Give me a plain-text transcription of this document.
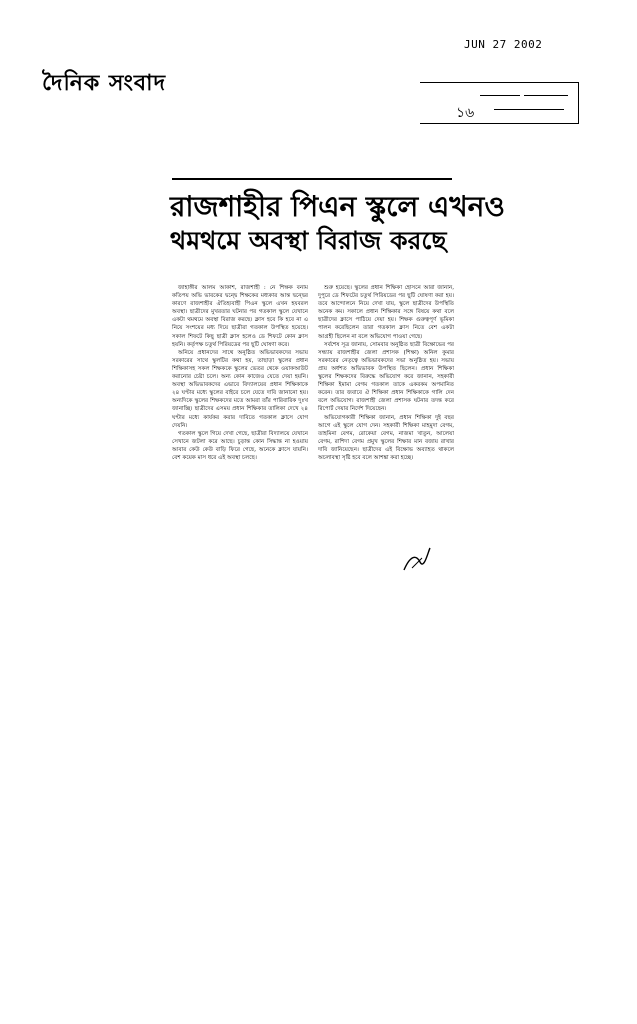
JUN 27 2002
দৈনিক সংবাদ
১৬
রাজশাহীর পিএন স্কুলে এখনও
থমথমে অবস্থা বিরাজ করছে

জাহাঙ্গীর আলম আকাশ, রাজশাহী : নে শিক্ষক বনাম কতিপয় অভি ভাবকের দ্বন্দ্বে শিক্ষকের মধ্যকার আন্ত দ্বন্দ্বের কারণে রাজশাহীর ঐতিহ্যবাহী পিএন স্কুলে এখন হযবরল অবস্থা। ছাত্রীদের মুখরতার ঘটনার পর গতকাল স্কুলে যেখানে একটা থমথমে অবস্থা বিরাজ করছে। ক্লাস হবে কি হবে না এ নিয়ে সংশয়ের মধ্য দিয়ে ছাত্রীরা গতকাল উপস্থিত হয়েছে। সকাল শিফটে কিছু ছাত্রী ক্লাস হলেও ডে শিফটে কোন ক্লাস হয়নি। কর্তৃপক্ষ চতুর্থ পিরিয়ডের পর ছুটি ঘোষণা করে।

অনিয়ে প্রধানদের সাথে অনুষ্ঠিত অভিভাবকদের সভায় সরকারের সাথে স্কুলটির কথা হয়, তাছাড়া স্কুলের প্রধান শিক্ষিকাসহ সকল শিক্ষককে স্কুলের ভেতর থেকে ওয়াকআউট করানোর চেষ্টা চলে। অন্য কোন কাজেও যেতে দেয়া হয়নি। অবস্থা অভিভাবকদের এভাবে বিদ্যালয়ের প্রধান শিক্ষিকাকে ২৪ ঘণ্টার মধ্যে স্কুলের বাইরে চলে যেতে দাবি জানানো হয়। অন্যদিকে স্কুলের শিক্ষকদের মতে আমরা তাঁর পারিবারিক দুঃখ জানাচ্ছি। ছাত্রীদের এসময় প্রধান শিক্ষিকার তালিকা দেখে ২৪ ঘণ্টার মধ্যে কার্যকর করার দাবিতে গতকাল ক্লাসে যোগ দেয়নি।

গতকাল স্কুলে গিয়ে দেখা গেছে, ছাত্রীরা বিদ্যালয়ে যেখানে সেখানে জটলা করে আছে। চুড়ান্ত কোন সিদ্ধান্ত না হওয়ায় আবার কেউ কেউ বাড়ি ফিরে গেছে, অনেকে ক্লাসে যায়নি। বেশ কয়েক মাস ধরে এই অবস্থা চলছে।

শুরু হয়েছে। স্কুলের প্রধান শিক্ষিকা হোসনে আরা জানান, দুপুরে ডে শিফটের চতুর্থ পিরিয়ডের পর ছুটি ঘোষণা করা হয়। তবে আন্দোলনে নিয়ে দেখা যায়, স্কুলে ছাত্রীদের উপস্থিতি অনেক কম। সকালে প্রধান শিক্ষিকার সঙ্গে বিষয়ে কথা বলে ছাত্রীদের ক্লাসে পাঠিয়ে দেয়া হয়। শিক্ষক গুরুত্বপূর্ণ ভূমিকা পালন করেছিলেন তারা গতকাল ক্লাস নিতে বেশ একটা আগ্রহী ছিলেন না বলে অভিযোগ পাওয়া গেছে।

সর্বশেষ সূত্র জানায়, সোমবার অনুষ্ঠিত ছাত্রী বিক্ষোভের পর সন্ধ্যায় রাজশাহীর জেলা প্রশাসক (শিক্ষা) অনিল কুমার সরকারের নেতৃত্বে অভিভাবকদের সভা অনুষ্ঠিত হয়। সভায় প্রায় অর্ধশত অভিভাবক উপস্থিত ছিলেন। প্রধান শিক্ষিকা স্কুলের শিক্ষকদের বিরুদ্ধে অভিযোগ করে জানান, সহকারী শিক্ষিকা ইমামা বেগম গতকাল তাকে একরকম অপমানিত করেন। তার জবাবে ঐ শিক্ষিকা প্রধান শিক্ষিকাকে গালি দেন বলে অভিযোগ। রাজশাহী জেলা প্রশাসক ঘটনার তদন্ত করে রিপোর্ট দেয়ার নির্দেশ দিয়েছেন।

অভিযোগকারী শিক্ষিকা জানান, প্রধান শিক্ষিকা দুই বছর আগে এই স্কুলে যোগ দেন। সহকারী শিক্ষিকা মাহমুদা বেগম, তাহমিনা বেগম, রোকেয়া বেগম, নাজমা খাতুন, আলেয়া বেগম, রাশিদা বেগম প্রমুখ স্কুলের শিক্ষার মান বজায় রাখার দাবি জানিয়েছেন। ছাত্রীদের এই বিক্ষোভ অব্যাহত থাকলে অচলাবস্থা সৃষ্টি হবে বলে আশঙ্কা করা হচ্ছে।
